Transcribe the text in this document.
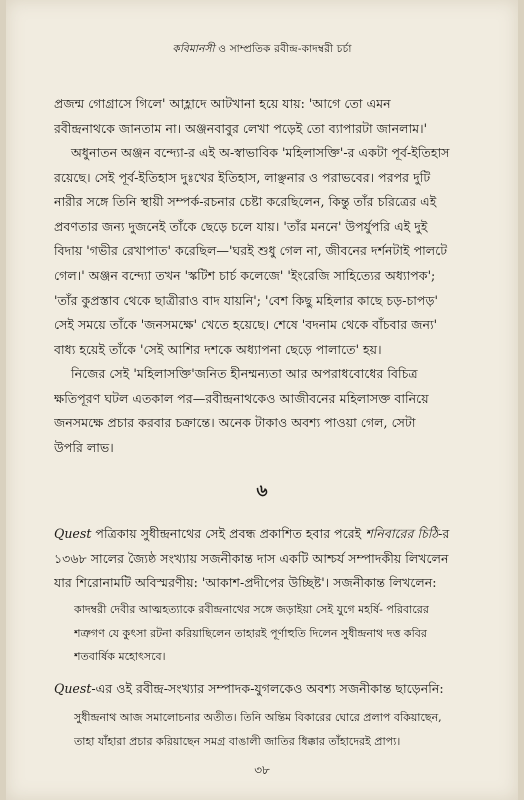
কবিমানসী ও সাম্প্রতিক রবীন্দ্র-কাদম্বরী চর্চা
প্রজন্ম গোগ্রাসে গিলে' আহ্লাদে আটখানা হয়ে যায়: 'আগে তো এমন
রবীন্দ্রনাথকে জানতাম না। অঞ্জনবাবুর লেখা পড়েই তো ব্যাপারটা জানলাম।'
অধুনাতন অঞ্জন বন্দ্যো-র এই অ-স্বাভাবিক 'মহিলাসক্তি'-র একটা পূর্ব-ইতিহাস
রয়েছে। সেই পূর্ব-ইতিহাস দুঃখের ইতিহাস, লাঞ্ছনার ও পরাভবের। পরপর দুটি
নারীর সঙ্গে তিনি স্থায়ী সম্পর্ক-রচনার চেষ্টা করেছিলেন, কিন্তু তাঁর চরিত্রের এই
প্রবণতার জন্য দুজনেই তাঁকে ছেড়ে চলে যায়। 'তাঁর মননে' উপর্যুপরি এই দুই
বিদায় 'গভীর রেখাপাত' করেছিল—'ঘরই শুধু গেল না, জীবনের দর্শনটাই পালটে
গেল।' অঞ্জন বন্দ্যো তখন 'স্কটিশ চার্চ কলেজে' 'ইংরেজি সাহিত্যের অধ্যাপক';
'তাঁর কুপ্রস্তাব থেকে ছাত্রীরাও বাদ যায়নি'; 'বেশ কিছু মহিলার কাছে চড়-চাপড়'
সেই সময়ে তাঁকে 'জনসমক্ষে' খেতে হয়েছে। শেষে 'বদনাম থেকে বাঁচবার জন্য'
বাধ্য হয়েই তাঁকে 'সেই আশির দশকে অধ্যাপনা ছেড়ে পালাতে' হয়।
নিজের সেই 'মহিলাসক্তি'জনিত হীনম্মন্যতা আর অপরাধবোধের বিচিত্র
ক্ষতিপূরণ ঘটল এতকাল পর—রবীন্দ্রনাথকেও আজীবনের মহিলাসক্ত বানিয়ে
জনসমক্ষে প্রচার করবার চক্রান্তে। অনেক টাকাও অবশ্য পাওয়া গেল, সেটা
উপরি লাভ।
৬
Quest পত্রিকায় সুধীন্দ্রনাথের সেই প্রবন্ধ প্রকাশিত হবার পরেই শনিবারের চিঠি-র
১৩৬৮ সালের জ্যৈষ্ঠ সংখ্যায় সজনীকান্ত দাস একটি আশ্চর্য সম্পাদকীয় লিখলেন
যার শিরোনামটি অবিস্মরণীয়: 'আকাশ-প্রদীপের উচ্ছিষ্ট'। সজনীকান্ত লিখলেন:
কাদম্বরী দেবীর আত্মহত্যাকে রবীন্দ্রনাথের সঙ্গে জড়াইয়া সেই যুগে মহর্ষি- পরিবারের
শত্রুগণ যে কুৎসা রটনা করিয়াছিলেন তাহারই পূর্ণাহুতি দিলেন সুধীন্দ্রনাথ দত্ত কবির
শতবার্ষিক মহোৎসবে।
Quest-এর ওই রবীন্দ্র-সংখ্যার সম্পাদক-যুগলকেও অবশ্য সজনীকান্ত ছাড়েননি:
সুধীন্দ্রনাথ আজ সমালোচনার অতীত। তিনি অন্তিম বিকারের ঘোরে প্রলাপ বকিয়াছেন,
তাহা যাঁহারা প্রচার করিয়াছেন সমগ্র বাঙালী জাতির ধিক্কার তাঁহাদেরই প্রাপ্য।
৩৮
